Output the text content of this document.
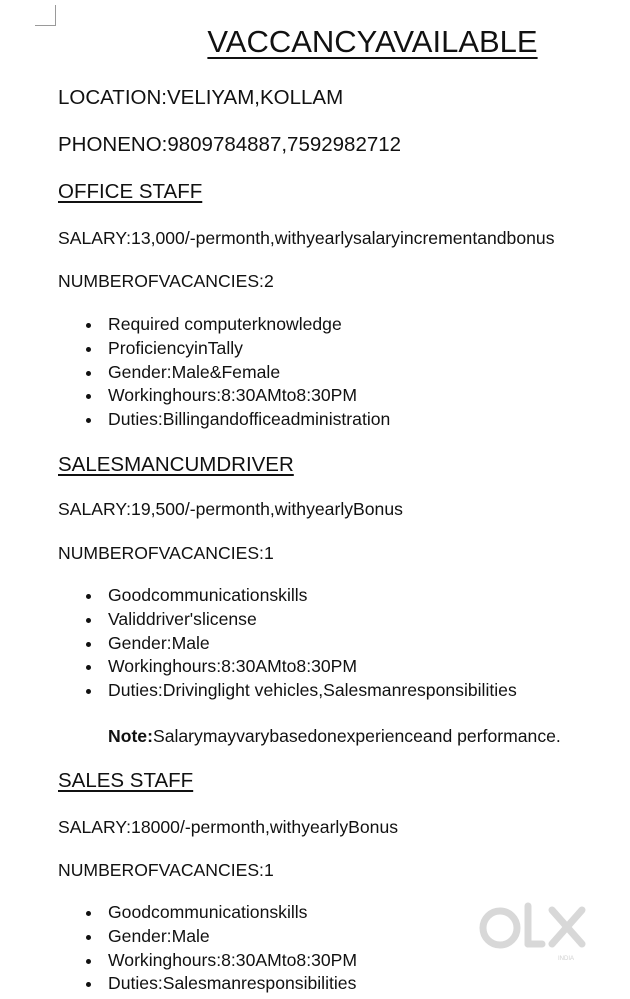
VACCANCYAVAILABLE
LOCATION:VELIYAM,KOLLAM
PHONENO:9809784887,7592982712
OFFICE STAFF
SALARY:13,000/-permonth,withyearlysalaryincrementandbonus
NUMBEROFVACANCIES:2
Required computerknowledge
ProficiencyinTally
Gender:Male&Female
Workinghours:8:30AMto8:30PM
Duties:Billingandofficeadministration
SALESMANCUMDRIVER
SALARY:19,500/-permonth,withyearlyBonus
NUMBEROFVACANCIES:1
Goodcommunicationskills
Validdriver'slicense
Gender:Male
Workinghours:8:30AMto8:30PM
Duties:Drivinglight vehicles,Salesmanresponsibilities
Note:Salarymayvarybasedonexperienceand performance.
SALES STAFF
SALARY:18000/-permonth,withyearlyBonus
NUMBEROFVACANCIES:1
Goodcommunicationskills
Gender:Male
Workinghours:8:30AMto8:30PM
Duties:Salesmanresponsibilities
INDIA
